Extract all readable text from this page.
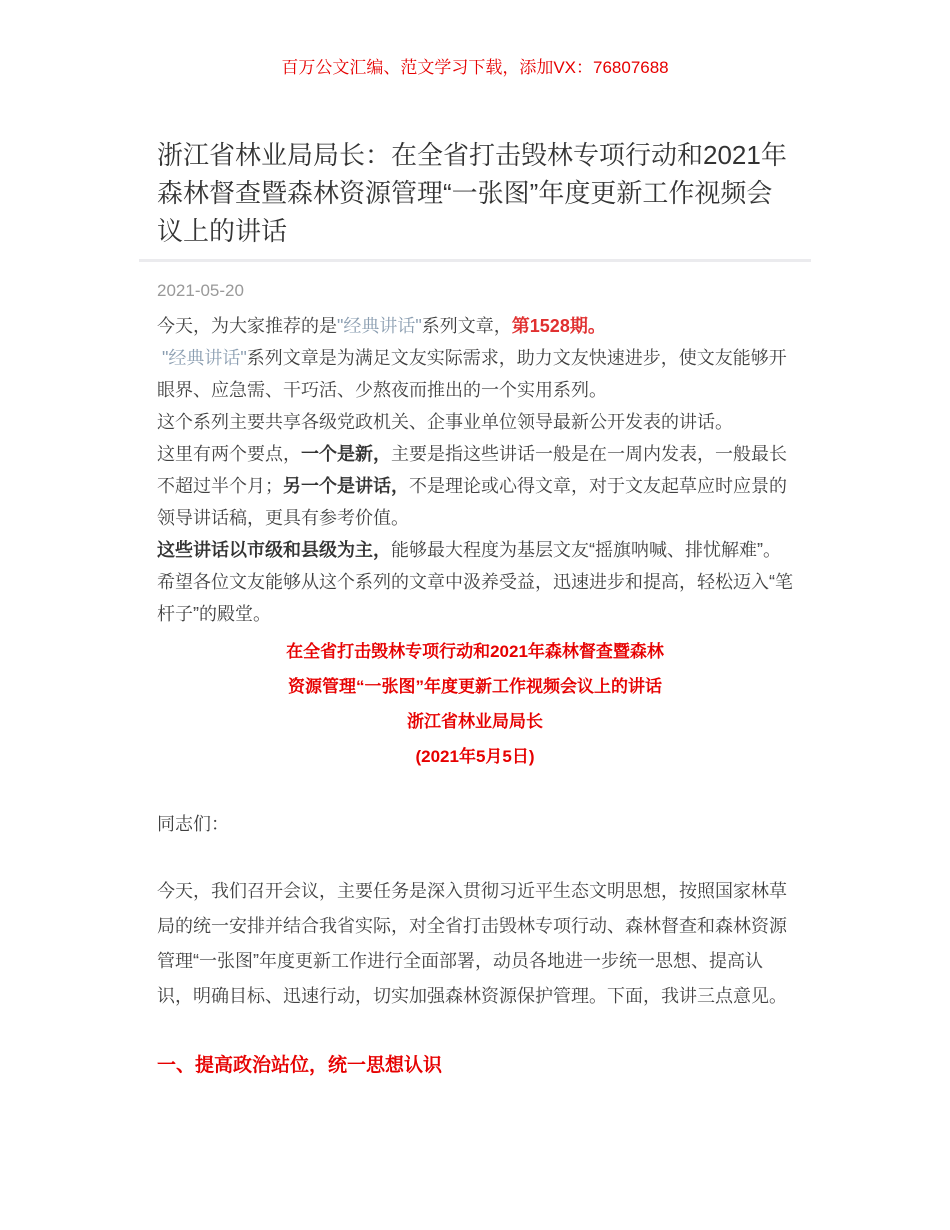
百万公文汇编、范文学习下载，添加VX：76807688
浙江省林业局局长：在全省打击毁林专项行动和2021年 森林督查暨森林资源管理“一张图”年度更新工作视频会议上的讲话
2021-05-20

今天，为大家推荐的是"经典讲话"系列文章，第1528期。

"经典讲话"系列文章是为满足文友实际需求，助力文友快速进步，使文友能够开眼界、应急需、干巧活、少熬夜而推出的一个实用系列。

这个系列主要共享各级党政机关、企事业单位领导最新公开发表的讲话。

这里有两个要点，一个是新，主要是指这些讲话一般是在一周内发表，一般最长不超过半个月；另一个是讲话，不是理论或心得文章，对于文友起草应时应景的领导讲话稿，更具有参考价值。

这些讲话以市级和县级为主，能够最大程度为基层文友“摇旗呐喊、排忧解难”。希望各位文友能够从这个系列的文章中汲养受益，迅速进步和提高，轻松迈入“笔杆子”的殿堂。

在全省打击毁林专项行动和2021年森林督查暨森林

资源管理“一张图”年度更新工作视频会议上的讲话

浙江省林业局局长

(2021年5月5日)

同志们：

今天，我们召开会议，主要任务是深入贯彻习近平生态文明思想，按照国家林草局的统一安排并结合我省实际，对全省打击毁林专项行动、森林督查和森林资源管理“一张图”年度更新工作进行全面部署，动员各地进一步统一思想、提高认识，明确目标、迅速行动，切实加强森林资源保护管理。下面，我讲三点意见。

一、提高政治站位，统一思想认识
